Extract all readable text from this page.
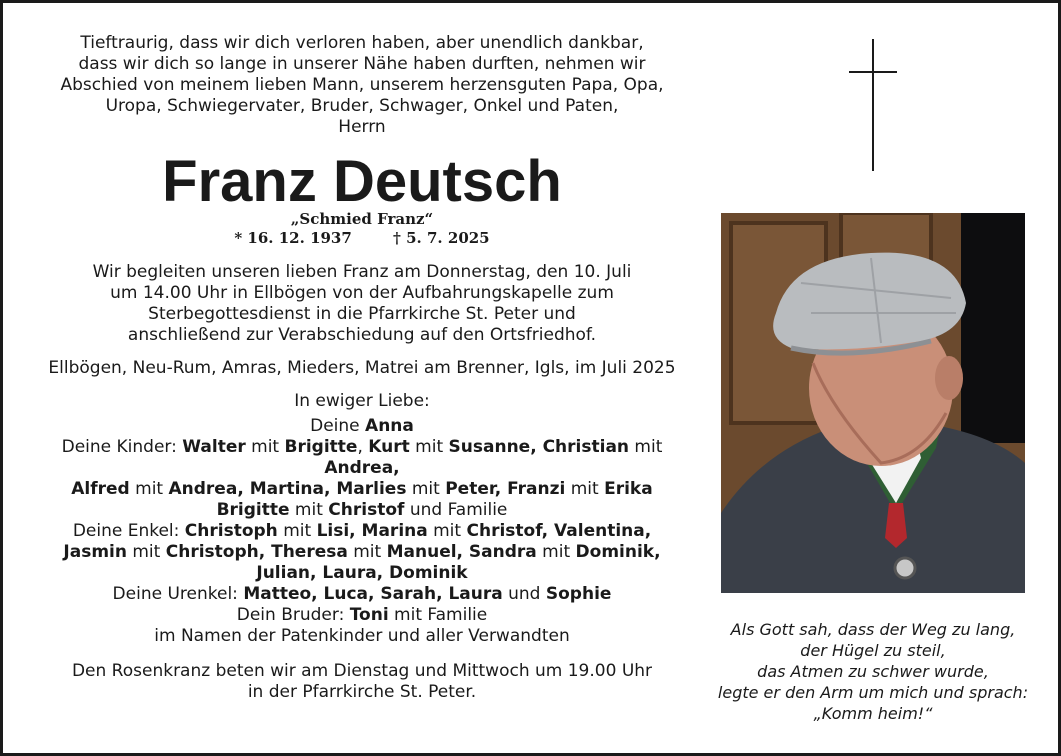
Tieftraurig, dass wir dich verloren haben, aber unendlich dankbar,
dass wir dich so lange in unserer Nähe haben durften, nehmen wir
Abschied von meinem lieben Mann, unserem herzensguten Papa, Opa,
Uropa, Schwiegervater, Bruder, Schwager, Onkel und Paten,
Herrn
Franz Deutsch
„Schmied Franz“
* 16. 12. 1937	† 5. 7. 2025
Wir begleiten unseren lieben Franz am Donnerstag, den 10. Juli
um 14.00 Uhr in Ellbögen von der Aufbahrungskapelle zum
Sterbegottesdienst in die Pfarrkirche St. Peter und
anschließend zur Verabschiedung auf den Ortsfriedhof.
Ellbögen, Neu-Rum, Amras, Mieders, Matrei am Brenner, Igls, im Juli 2025
In ewiger Liebe:
Deine Anna
Deine Kinder: Walter mit Brigitte, Kurt mit Susanne, Christian mit Andrea,
Alfred mit Andrea, Martina, Marlies mit Peter, Franzi mit Erika
Brigitte mit Christof und Familie
Deine Enkel: Christoph mit Lisi, Marina mit Christof, Valentina,
Jasmin mit Christoph, Theresa mit Manuel, Sandra mit Dominik,
Julian, Laura, Dominik
Deine Urenkel: Matteo, Luca, Sarah, Laura und Sophie
Dein Bruder: Toni mit Familie
im Namen der Patenkinder und aller Verwandten
Den Rosenkranz beten wir am Dienstag und Mittwoch um 19.00 Uhr
in der Pfarrkirche St. Peter.
Als Gott sah, dass der Weg zu lang,
der Hügel zu steil,
das Atmen zu schwer wurde,
legte er den Arm um mich und sprach:
„Komm heim!“
